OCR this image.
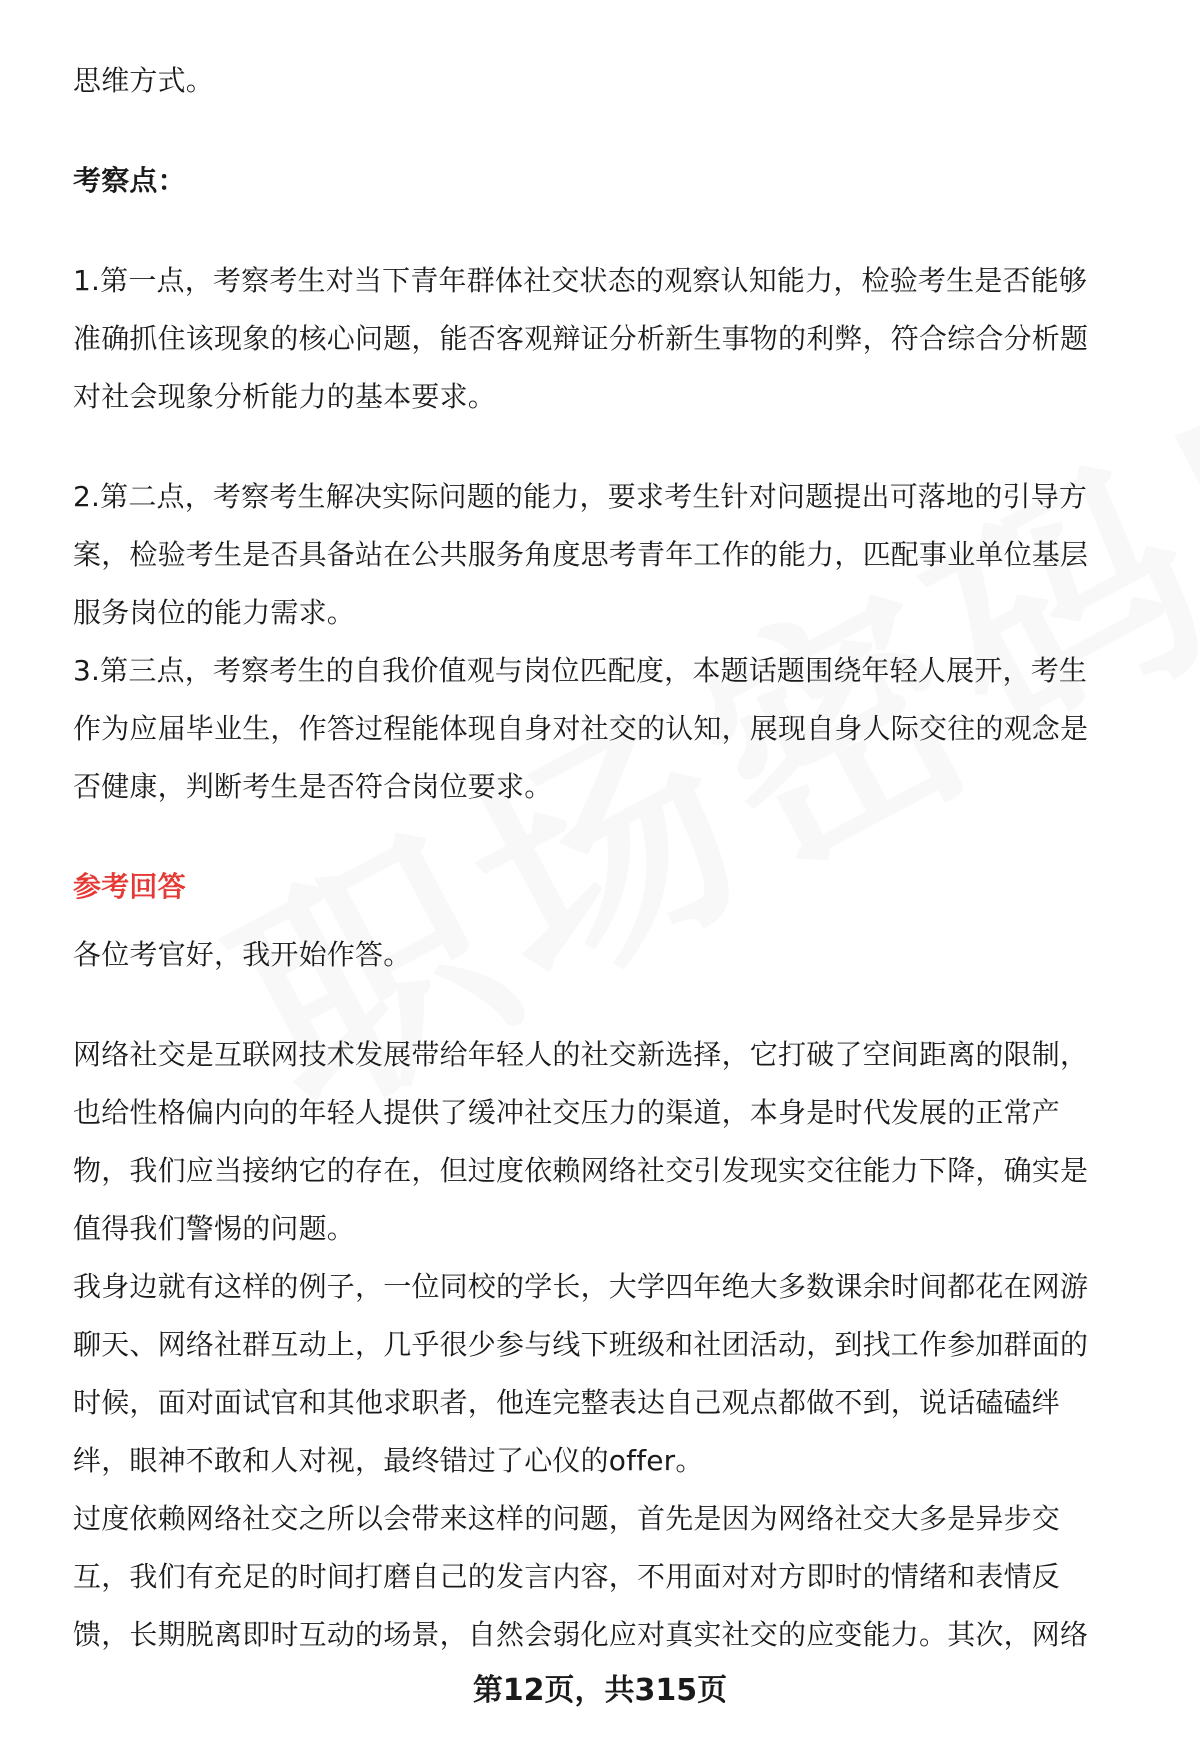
思维方式。

考察点：

1.第一点，考察考生对当下青年群体社交状态的观察认知能力，检验考生是否能够

准确抓住该现象的核心问题，能否客观辩证分析新生事物的利弊，符合综合分析题

对社会现象分析能力的基本要求。

2.第二点，考察考生解决实际问题的能力，要求考生针对问题提出可落地的引导方

案，检验考生是否具备站在公共服务角度思考青年工作的能力，匹配事业单位基层

服务岗位的能力需求。

3.第三点，考察考生的自我价值观与岗位匹配度，本题话题围绕年轻人展开，考生

作为应届毕业生，作答过程能体现自身对社交的认知，展现自身人际交往的观念是

否健康，判断考生是否符合岗位要求。

参考回答

各位考官好，我开始作答。

网络社交是互联网技术发展带给年轻人的社交新选择，它打破了空间距离的限制，

也给性格偏内向的年轻人提供了缓冲社交压力的渠道，本身是时代发展的正常产

物，我们应当接纳它的存在，但过度依赖网络社交引发现实交往能力下降，确实是

值得我们警惕的问题。

我身边就有这样的例子，一位同校的学长，大学四年绝大多数课余时间都花在网游

聊天、网络社群互动上，几乎很少参与线下班级和社团活动，到找工作参加群面的

时候，面对面试官和其他求职者，他连完整表达自己观点都做不到，说话磕磕绊

绊，眼神不敢和人对视，最终错过了心仪的offer。

过度依赖网络社交之所以会带来这样的问题，首先是因为网络社交大多是异步交

互，我们有充足的时间打磨自己的发言内容，不用面对对方即时的情绪和表情反

馈，长期脱离即时互动的场景，自然会弱化应对真实社交的应变能力。其次，网络

第12页，共315页
